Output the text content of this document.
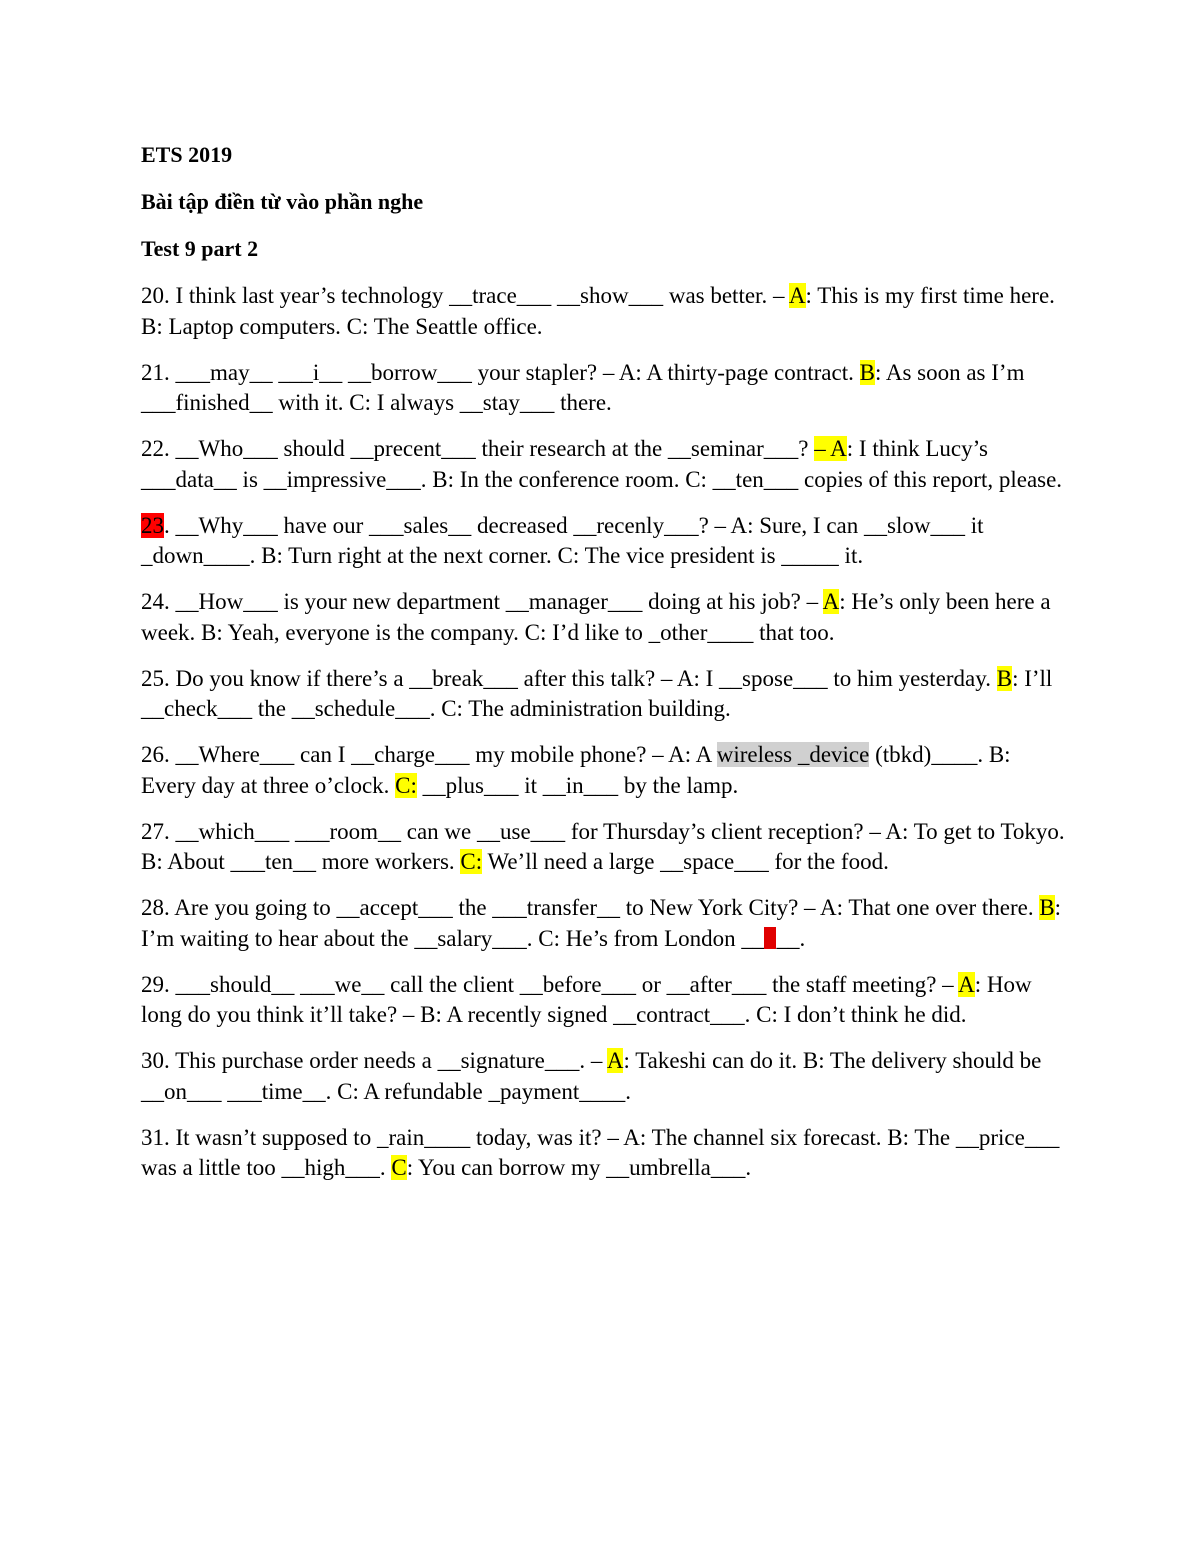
ETS 2019
Bài tập điền từ vào phần nghe
Test 9 part 2
20. I think last year’s technology __trace___ __show___ was better. – A: This is my first time here. B: Laptop computers. C: The Seattle office.
21. ___may__ ___i__ __borrow___ your stapler? – A: A thirty-page contract. B: As soon as I’m ___finished__ with it. C: I always __stay___ there.
22. __Who___ should __precent___ their research at the __seminar___? – A: I think Lucy’s ___data__ is __impressive___. B: In the conference room. C: __ten___ copies of this report, please.
23. __Why___ have our ___sales__ decreased __recenly___? – A: Sure, I can __slow___ it _down____. B: Turn right at the next corner. C: The vice president is _____ it.
24. __How___ is your new department __manager___ doing at his job? – A: He’s only been here a week. B: Yeah, everyone is the company. C: I’d like to _other____ that too.
25. Do you know if there’s a __break___ after this talk? – A: I __spose___ to him yesterday. B: I’ll __check___ the __schedule___. C: The administration building.
26. __Where___ can I __charge___ my mobile phone? – A: A wireless _device (tbkd)____. B: Every day at three o’clock. C: __plus___ it __in___ by the lamp.
27. __which___ ___room__ can we __use___ for Thursday’s client reception? – A: To get to Tokyo. B: About ___ten__ more workers. C: We’ll need a large __space___ for the food.
28. Are you going to __accept___ the ___transfer__ to New York City? – A: That one over there. B: I’m waiting to hear about the __salary___. C: He’s from London __ __.
29. ___should__ ___we__ call the client __before___ or __after___ the staff meeting? – A: How long do you think it’ll take? – B: A recently signed __contract___. C: I don’t think he did.
30. This purchase order needs a __signature___. – A: Takeshi can do it. B: The delivery should be __on___ ___time__. C: A refundable _payment____.
31. It wasn’t supposed to _rain____ today, was it? – A: The channel six forecast. B: The __price___ was a little too __high___. C: You can borrow my __umbrella___.
